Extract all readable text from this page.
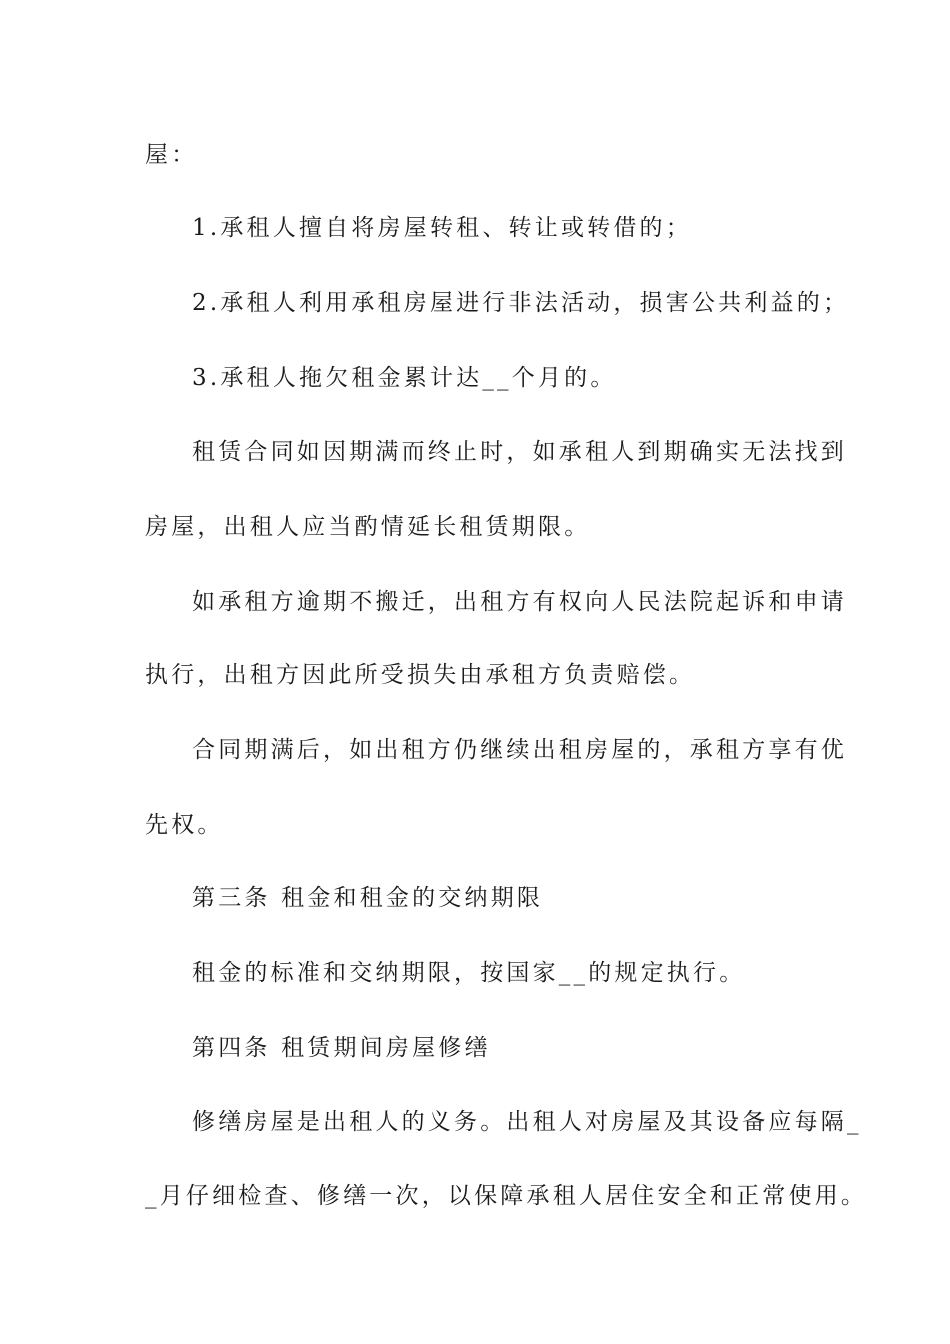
屋：

1.承租人擅自将房屋转租、转让或转借的；

2.承租人利用承租房屋进行非法活动，损害公共利益的；

3.承租人拖欠租金累计达__个月的。

租赁合同如因期满而终止时，如承租人到期确实无法找到

房屋，出租人应当酌情延长租赁期限。

如承租方逾期不搬迁，出租方有权向人民法院起诉和申请

执行，出租方因此所受损失由承租方负责赔偿。

合同期满后，如出租方仍继续出租房屋的，承租方享有优

先权。

第三条 租金和租金的交纳期限

租金的标准和交纳期限，按国家__的规定执行。

第四条 租赁期间房屋修缮

修缮房屋是出租人的义务。出租人对房屋及其设备应每隔_

_月仔细检查、修缮一次，以保障承租人居住安全和正常使用。
